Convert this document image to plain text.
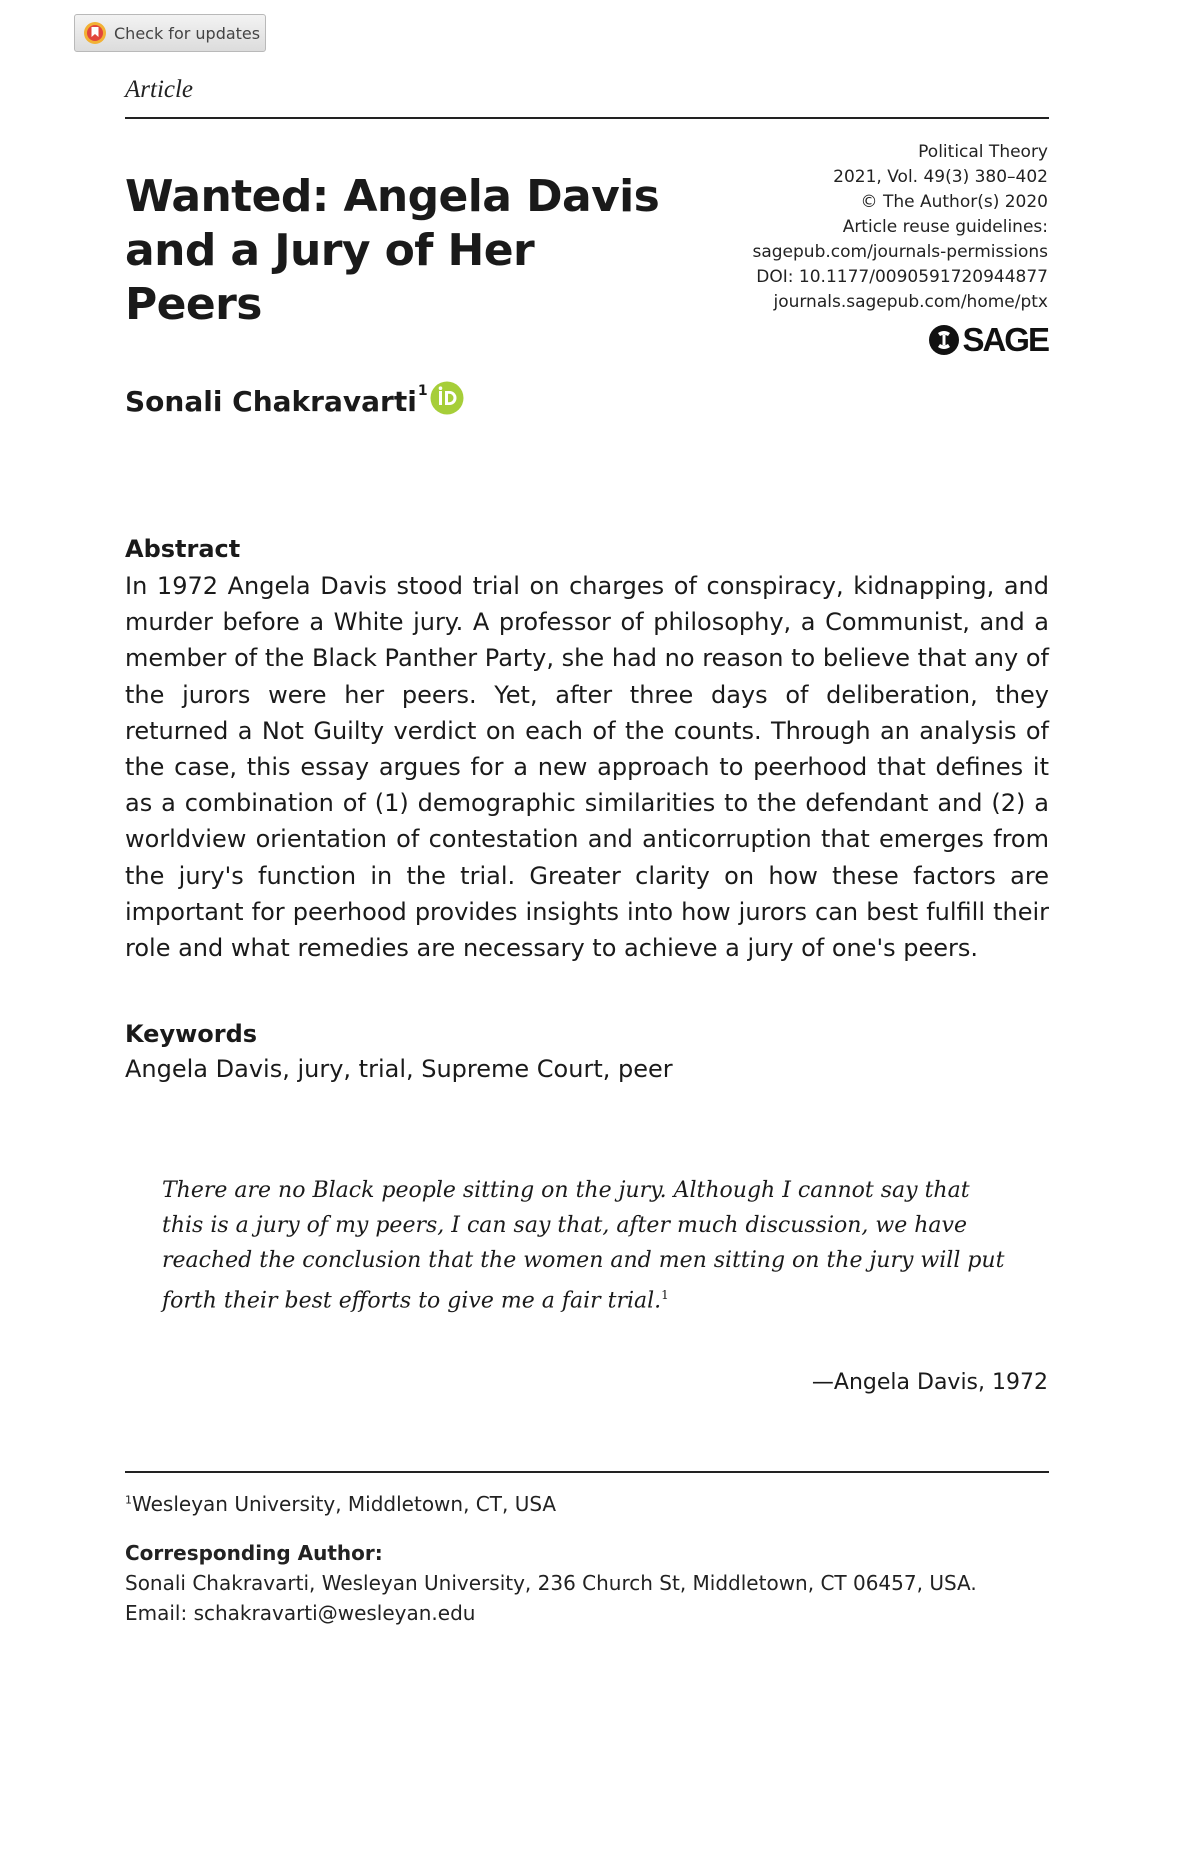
Check for updates
Article
Wanted: Angela Davis
and a Jury of Her Peers
Political Theory
2021, Vol. 49(3) 380–402
© The Author(s) 2020
Article reuse guidelines:
sagepub.com/journals-permissions
DOI: 10.1177/0090591720944877
journals.sagepub.com/home/ptx
SAGE
Sonali Chakravarti$^1$
Abstract
In 1972 Angela Davis stood trial on charges of conspiracy, kidnapping, and murder before a White jury. A professor of philosophy, a Communist, and a member of the Black Panther Party, she had no reason to believe that any of the jurors were her peers. Yet, after three days of deliberation, they returned a Not Guilty verdict on each of the counts. Through an analysis of the case, this essay argues for a new approach to peerhood that defines it as a combination of (1) demographic similarities to the defendant and (2) a worldview orientation of contestation and anticorruption that emerges from the jury's function in the trial. Greater clarity on how these factors are important for peerhood provides insights into how jurors can best fulfill their role and what remedies are necessary to achieve a jury of one's peers.
Keywords
Angela Davis, jury, trial, Supreme Court, peer
There are no Black people sitting on the jury. Although I cannot say that this is a jury of my peers, I can say that, after much discussion, we have reached the conclusion that the women and men sitting on the jury will put forth their best efforts to give me a fair trial.$^1$
—Angela Davis, 1972
$^1$Wesleyan University, Middletown, CT, USA
Corresponding Author:
Sonali Chakravarti, Wesleyan University, 236 Church St, Middletown, CT 06457, USA.
Email: schakravarti@wesleyan.edu
